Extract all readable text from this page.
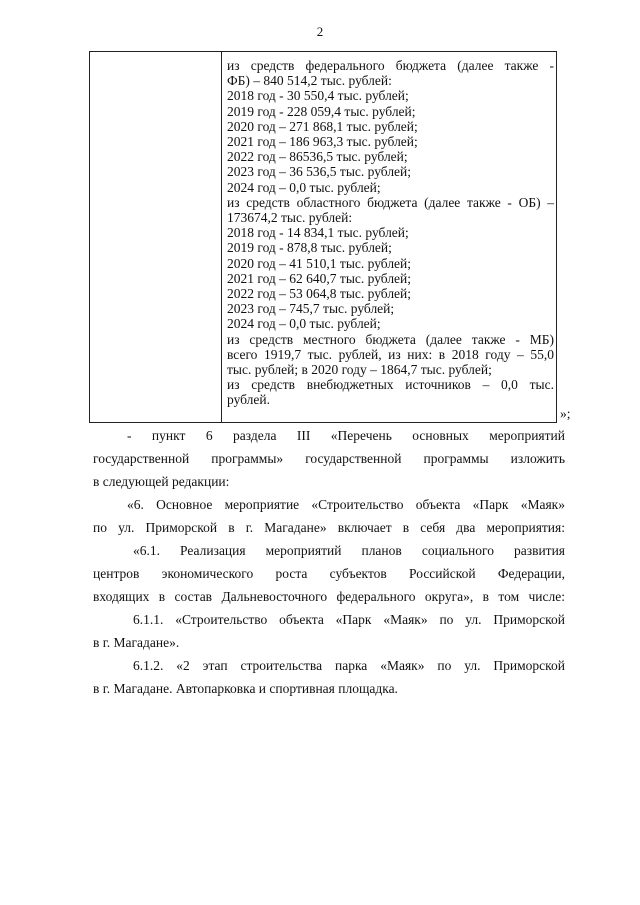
2
из средств федерального бюджета (далее также -
ФБ) – 840 514,2 тыс. рублей:
2018 год - 30 550,4 тыс. рублей;
2019 год - 228 059,4 тыс. рублей;
2020 год – 271 868,1 тыс. рублей;
2021 год – 186 963,3 тыс. рублей;
2022 год – 86536,5 тыс. рублей;
2023 год – 36 536,5 тыс. рублей;
2024 год – 0,0 тыс. рублей;
из средств областного бюджета (далее также - ОБ) –
173674,2 тыс. рублей:
2018 год - 14 834,1 тыс. рублей;
2019 год - 878,8 тыс. рублей;
2020 год – 41 510,1 тыс. рублей;
2021 год – 62 640,7 тыс. рублей;
2022 год – 53 064,8 тыс. рублей;
2023 год – 745,7 тыс. рублей;
2024 год – 0,0 тыс. рублей;
из средств местного бюджета (далее также - МБ)
всего 1919,7 тыс. рублей, из них: в 2018 году – 55,0
тыс. рублей; в 2020 году – 1864,7 тыс. рублей;
из средств внебюджетных источников – 0,0 тыс.
рублей.
»;

- пункт 6 раздела III «Перечень основных мероприятий

государственной программы» государственной программы изложить

в следующей редакции:

«6. Основное мероприятие «Строительство объекта «Парк «Маяк»

по ул. Приморской в г. Магадане» включает в себя два мероприятия:

«6.1. Реализация мероприятий планов социального развития

центров экономического роста субъектов Российской Федерации,

входящих в состав Дальневосточного федерального округа», в том числе:

6.1.1. «Строительство объекта «Парк «Маяк» по ул. Приморской

в г. Магадане».

6.1.2. «2 этап строительства парка «Маяк» по ул. Приморской

в г. Магадане. Автопарковка и спортивная площадка.
